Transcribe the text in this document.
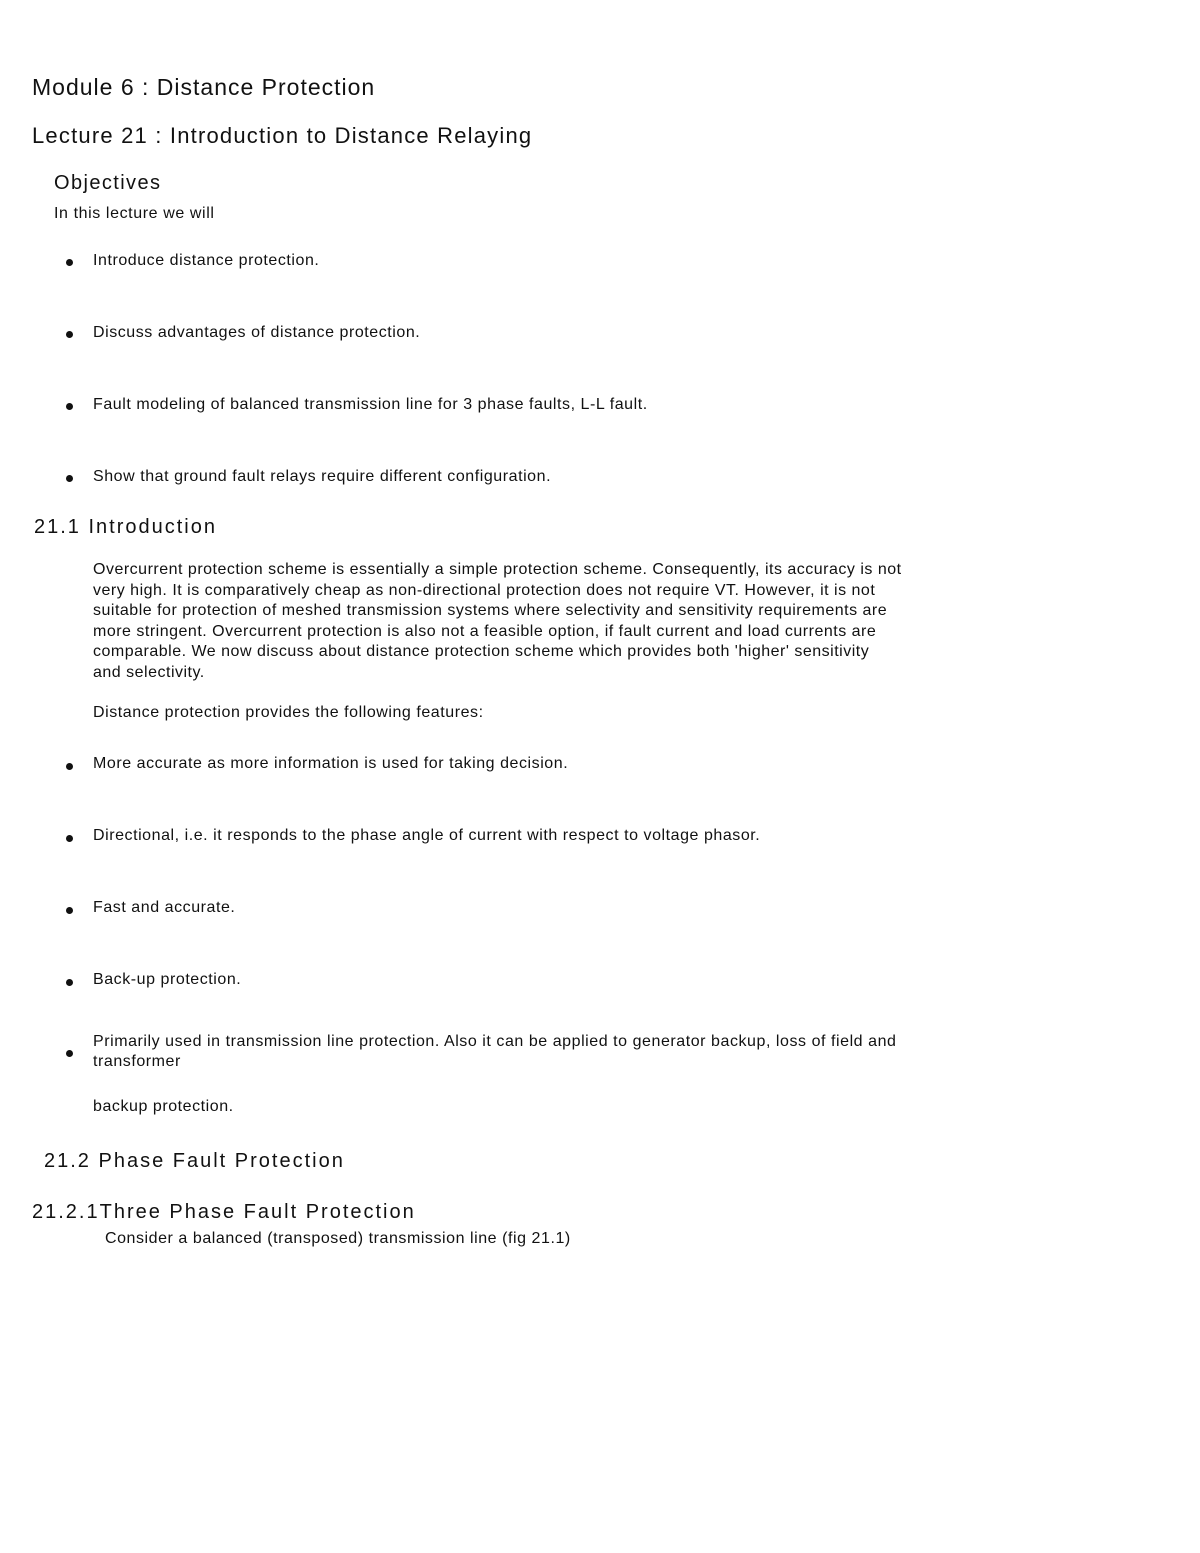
Module 6 : Distance Protection
Lecture 21 : Introduction to Distance Relaying
Objectives
In this lecture we will
Introduce distance protection.
Discuss advantages of distance protection.
Fault modeling of balanced transmission line for 3 phase faults, L-L fault.
Show that ground fault relays require different configuration.
21.1 Introduction
Overcurrent protection scheme is essentially a simple protection scheme. Consequently, its accuracy is not
very high. It is comparatively cheap as non-directional protection does not require VT. However, it is not
suitable for protection of meshed transmission systems where selectivity and sensitivity requirements are
more stringent. Overcurrent protection is also not a feasible option, if fault current and load currents are
comparable. We now discuss about distance protection scheme which provides both 'higher' sensitivity
and selectivity.
Distance protection provides the following features:
More accurate as more information is used for taking decision.
Directional, i.e. it responds to the phase angle of current with respect to voltage phasor.
Fast and accurate.
Back-up protection.
Primarily used in transmission line protection. Also it can be applied to generator backup, loss of field and
transformer
backup protection.
21.2 Phase Fault Protection
21.2.1Three Phase Fault Protection
Consider a balanced (transposed) transmission line (fig 21.1)
